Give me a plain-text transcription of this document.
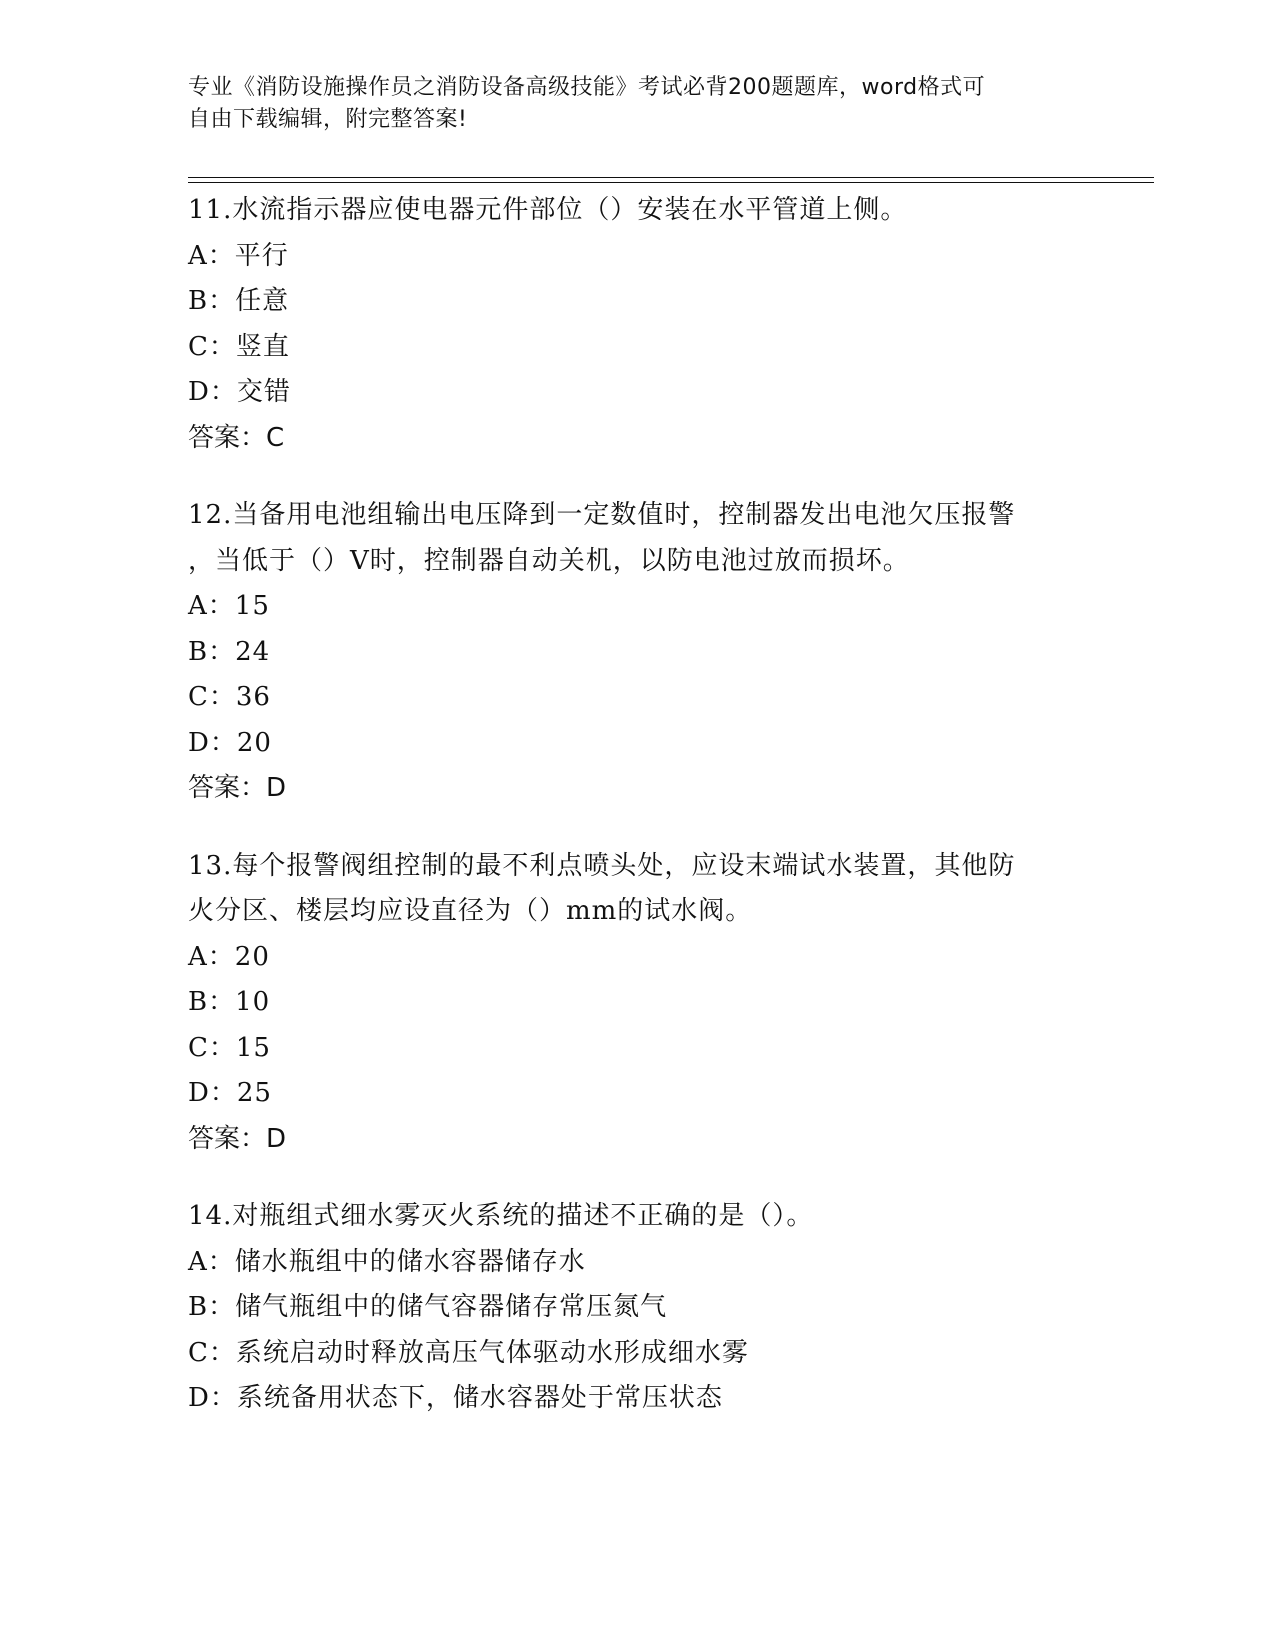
专业《消防设施操作员之消防设备高级技能》考试必背200题题库，word格式可
自由下载编辑，附完整答案!
11.水流指示器应使电器元件部位（）安装在水平管道上侧。
A：平行
B：任意
C：竖直
D：交错
答案：C
12.当备用电池组输出电压降到一定数值时，控制器发出电池欠压报警
，当低于（）V时，控制器自动关机，以防电池过放而损坏。
A：15
B：24
C：36
D：20
答案：D
13.每个报警阀组控制的最不利点喷头处，应设末端试水装置，其他防
火分区、楼层均应设直径为（）mm的试水阀。
A：20
B：10
C：15
D：25
答案：D
14.对瓶组式细水雾灭火系统的描述不正确的是（）。
A：储水瓶组中的储水容器储存水
B：储气瓶组中的储气容器储存常压氮气
C：系统启动时释放高压气体驱动水形成细水雾
D：系统备用状态下，储水容器处于常压状态
